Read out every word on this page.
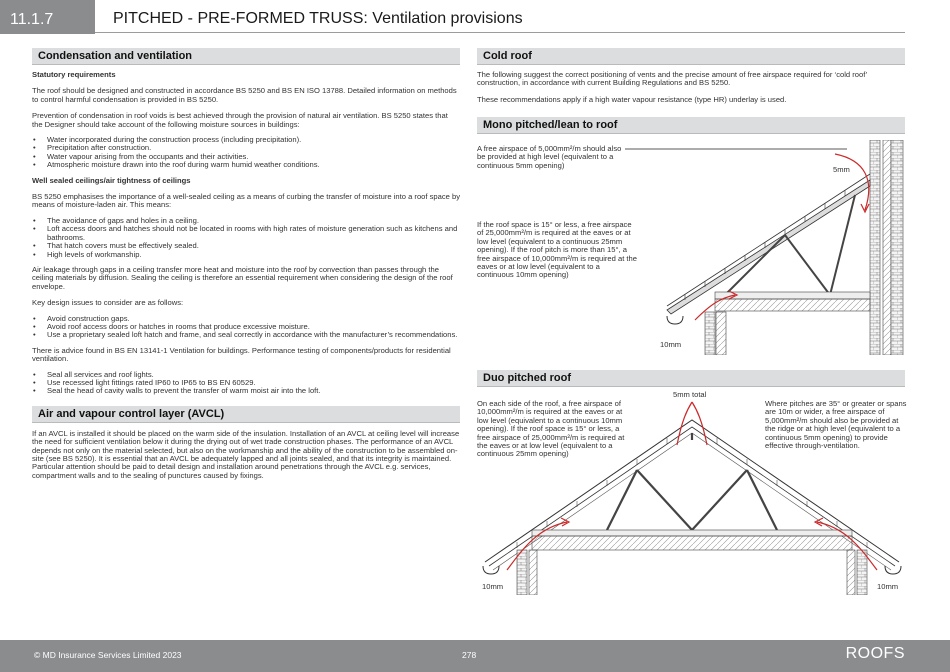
11.1.7	PITCHED - PRE-FORMED TRUSS: Ventilation provisions
Condensation and ventilation

Statutory requirements

The roof should be designed and constructed in accordance BS 5250 and BS EN ISO 13788. Detailed information on methods to control harmful condensation is provided in BS 5250.

Prevention of condensation in roof voids is best achieved through the provision of natural air ventilation. BS 5250 states that the Designer should take account of the following moisture sources in buildings:

• Water incorporated during the construction process (including precipitation).
• Precipitation after construction.
• Water vapour arising from the occupants and their activities.
• Atmospheric moisture drawn into the roof during warm humid weather conditions.

Well sealed ceilings/air tightness of ceilings

BS 5250 emphasises the importance of a well-sealed ceiling as a means of curbing the transfer of moisture into a roof space by means of moisture-laden air. This means:

• The avoidance of gaps and holes in a ceiling.
• Loft access doors and hatches should not be located in rooms with high rates of moisture generation such as kitchens and bathrooms.
• That hatch covers must be effectively sealed.
• High levels of workmanship.

Air leakage through gaps in a ceiling transfer more heat and moisture into the roof by convection than passes through the ceiling materials by diffusion. Sealing the ceiling is therefore an essential requirement when considering the design of the roof envelope.

Key design issues to consider are as follows:

• Avoid construction gaps.
• Avoid roof access doors or hatches in rooms that produce excessive moisture.
• Use a proprietary sealed loft hatch and frame, and seal correctly in accordance with the manufacturer’s recommendations.

There is advice found in BS EN 13141-1 Ventilation for buildings. Performance testing of components/products for residential ventilation.

• Seal all services and roof lights.
• Use recessed light fittings rated IP60 to IP65 to BS EN 60529.
• Seal the head of cavity walls to prevent the transfer of warm moist air into the loft.
Air and vapour control layer (AVCL)

If an AVCL is installed it should be placed on the warm side of the insulation. Installation of an AVCL at ceiling level will increase the need for sufficient ventilation below it during the drying out of wet trade construction phases. The performance of an AVCL depends not only on the material selected, but also on the workmanship and the ability of the construction to be assembled on-site (see BS 5250). It is essential that an AVCL be adequately lapped and all joints sealed, and that its integrity is maintained. Particular attention should be paid to detail design and installation around penetrations through the AVCL e.g. services, compartment walls and to the sealing of punctures caused by fixings.

Cold roof

The following suggest the correct positioning of vents and the precise amount of free airspace required for ‘cold roof’ construction, in accordance with current Building Regulations and BS 5250.

These recommendations apply if a high water vapour resistance (type HR) underlay is used.

Mono pitched/lean to roof
A free airspace of 5,000mm²/m should also be provided at high level (equivalent to a continuous 5mm opening)
If the roof space is 15° or less, a free airspace of 25,000mm²/m is required at the eaves or at low level (equivalent to a continuous 25mm opening). If the roof pitch is more than 15°, a free airspace of 10,000mm²/m is required at the eaves or at low level (equivalent to a continuous 10mm opening)
5mm
10mm
Duo pitched roof
On each side of the roof, a free airspace of 10,000mm²/m is required at the eaves or at low level (equivalent to a continuous 10mm opening). If the roof space is 15° or less, a free airspace of 25,000mm²/m is required at the eaves or at low level (equivalent to a continuous 25mm opening)
Where pitches are 35° or greater or spans are 10m or wider, a free airspace of 5,000mm²/m should also be provided at the ridge or at high level (equivalent to a continuous 5mm opening) to provide effective through-ventilation.
5mm total
10mm	10mm
© MD Insurance Services Limited 2023	278	ROOFS
